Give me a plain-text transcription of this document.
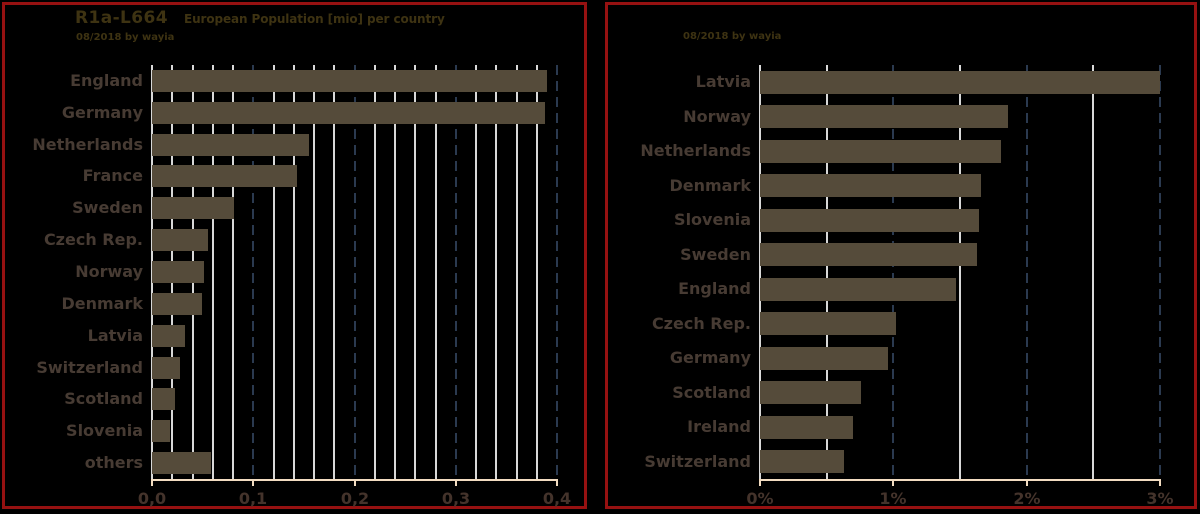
R1a-L664 European Population [mio] per country
08/2018 by wayia
0,0	0,1	0,2	0,3	0,4
England
Germany
Netherlands
France
Sweden
Czech Rep.
Norway
Denmark
Latvia
Switzerland
Scotland
Slovenia
others
08/2018 by wayia
0%	1%	2%	3%
Latvia
Norway
Netherlands
Denmark
Slovenia
Sweden
England
Czech Rep.
Germany
Scotland
Ireland
Switzerland
